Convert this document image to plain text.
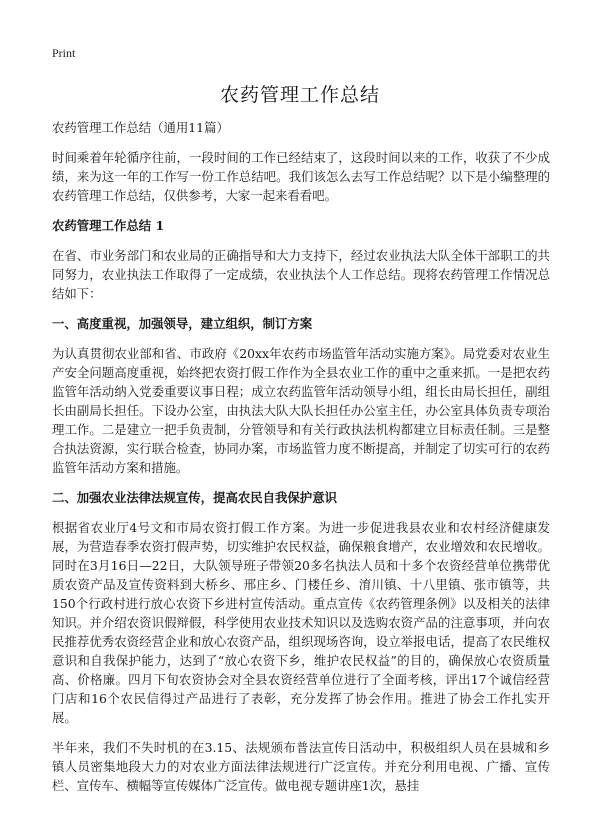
Print
农药管理工作总结

农药管理工作总结（通用11篇）

时间乘着年轮循序往前，一段时间的工作已经结束了，这段时间以来的工作，收获了不少成绩，来为这一年的工作写一份工作总结吧。我们该怎么去写工作总结呢？以下是小编整理的农药管理工作总结，仅供参考，大家一起来看看吧。

农药管理工作总结 1

在省、市业务部门和农业局的正确指导和大力支持下，经过农业执法大队全体干部职工的共同努力，农业执法工作取得了一定成绩，农业执法个人工作总结。现将农药管理工作情况总结如下：

一、高度重视，加强领导，建立组织，制订方案

为认真贯彻农业部和省、市政府《20xx年农药市场监管年活动实施方案》。局党委对农业生产安全问题高度重视，始终把农资打假工作作为全县农业工作的重中之重来抓。一是把农药监管年活动纳入党委重要议事日程；成立农药监管年活动领导小组，组长由局长担任，副组长由副局长担任。下设办公室，由执法大队大队长担任办公室主任，办公室具体负责专项治理工作。二是建立一把手负责制，分管领导和有关行政执法机构都建立目标责任制。三是整合执法资源，实行联合检查，协同办案，市场监管力度不断提高，并制定了切实可行的农药监管年活动方案和措施。

二、加强农业法律法规宣传，提高农民自我保护意识

根据省农业厅4号文和市局农资打假工作方案。为进一步促进我县农业和农村经济健康发展，为营造春季农资打假声势，切实维护农民权益，确保粮食增产，农业增效和农民增收。 同时在3月16日—22日，大队领导班子带领20多名执法人员和十多个农资经营单位携带优质农资产品及宣传资料到大桥乡、邢庄乡、门楼任乡、淯川镇、十八里镇、张市镇等，共150个行政村进行放心农资下乡进村宣传活动。重点宣传《农药管理条例》以及相关的法律知识。并介绍农资识假辩假，科学使用农业技术知识以及选购农资产品的注意事项，并向农民推荐优秀农资经营企业和放心农资产品，组织现场咨询，设立举报电话，提高了农民维权意识和自我保护能力，达到了“放心农资下乡，维护农民权益”的目的，确保放心农资质量高、价格廉。四月下旬农资协会对全县农资经营单位进行了全面考核，评出17个诚信经营门店和16个农民信得过产品进行了表彰，充分发挥了协会作用。推进了协会工作扎实开展。

半年来，我们不失时机的在3.15、法规颁布普法宣传日活动中，积极组织人员在县城和乡镇人员密集地段大力的对农业方面法律法规进行广泛宣传。并充分利用电视、广播、宣传栏、宣传车、横幅等宣传媒体广泛宣传。做电视专题讲座1次，悬挂
